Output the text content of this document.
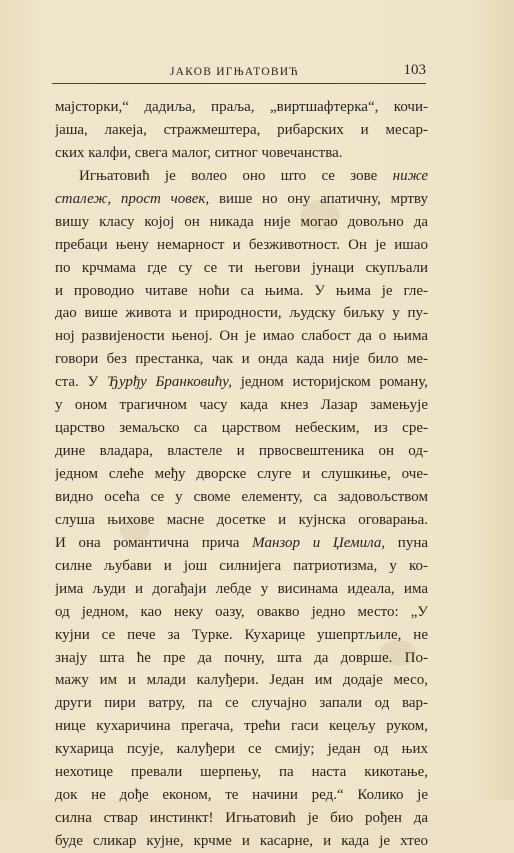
ЈАКОВ ИГЊАТОВИЋ	103
мајсторки,“ дадиља, праља, „виртшафтерка“, кочи-
јаша, лакеја, стражмештера, рибарских и месар-
ских калфи, свега малог, ситног човечанства.
Игњатовић је волео оно што се зове ниже
сталеж, прост човек, више но ону апатичну, мртву
вишу класу којој он никада није могао довољно да
пребаци њену немарност и безживотност. Он је ишао
по крчмама где су се ти његови јунаци скупљали
и проводио читаве ноћи са њима. У њима је гле-
дао више живота и природности, људску биљку у пу-
ној развијености њеној. Он је имао слабост да о њима
говори без престанка, чак и онда када није било ме-
ста. У Ђурђу Бранковићу, једном историјском роману,
у оном трагичном часу када кнез Лазар замењује
царство земаљско са царством небеским, из сре-
дине владара, властеле и првосвештеника он од-
једном слеће међу дворске слуге и слушкиње, оче-
видно осећа се у своме елементу, са задовољством
слуша њихове масне досетке и кујнска оговарања.
И она романтична прича Манзор и Џемила, пуна
силне љубави и још силнијега патриотизма, у ко-
јима људи и догађаји лебде у висинама идеала, има
од једном, као неку оазу, овакво једно место: „У
кујни се пече за Турке. Кухарице ушепртљиле, не
знају шта ће пре да почну, шта да доврше. По-
мажу им и млади калуђери. Један им додаје месо,
други пири ватру, па се случајно запали од вар-
нице кухаричина прегача, трећи гаси кецељу руком,
кухарица псује, калуђери се смију; један од њих
нехотице превали шерпењу, па наста кикотање,
док не дође економ, те начини ред.“ Колико је
силна ствар инстинкт! Игњатовић је био рођен да
буде сликар кујне, крчме и касарне, и када је хтео
